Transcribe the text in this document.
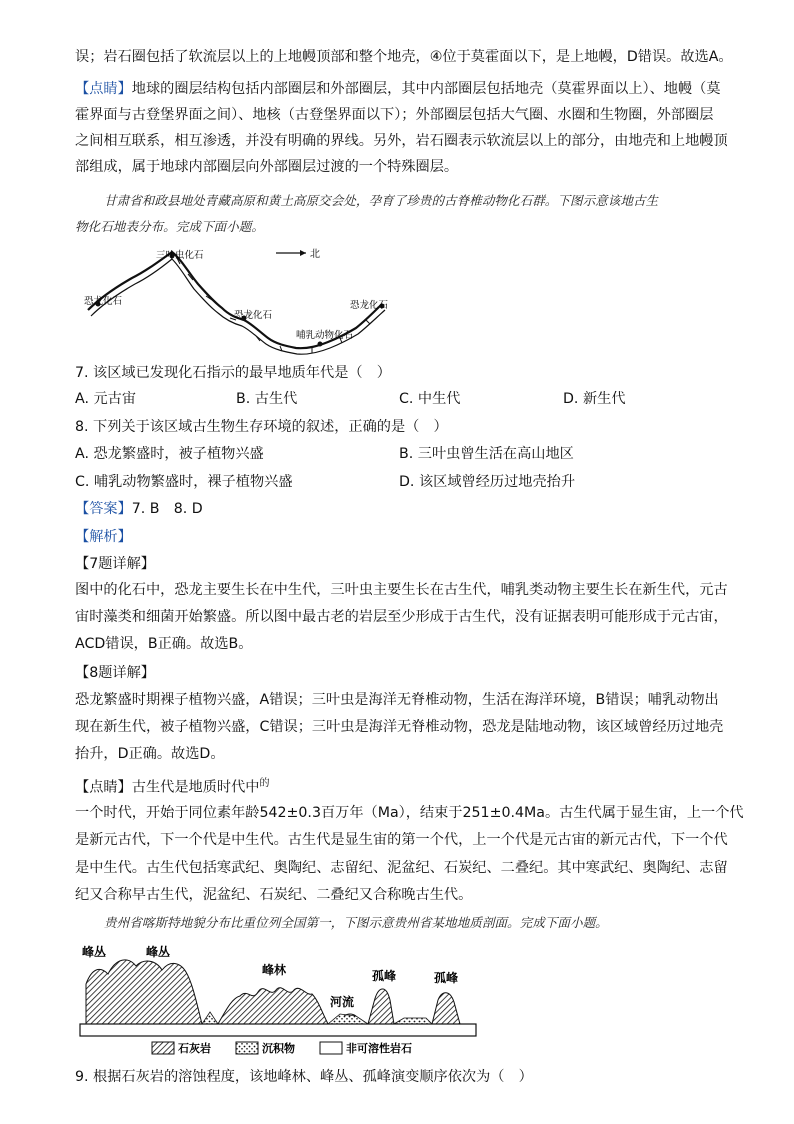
误；岩石圈包括了软流层以上的上地幔顶部和整个地壳，④位于莫霍面以下，是上地幔，D错误。故选A。
【点睛】地球的圈层结构包括内部圈层和外部圈层，其中内部圈层包括地壳（莫霍界面以上）、地幔（莫
霍界面与古登堡界面之间）、地核（古登堡界面以下）；外部圈层包括大气圈、水圈和生物圈，外部圈层
之间相互联系，相互渗透，并没有明确的界线。另外，岩石圈表示软流层以上的部分，由地壳和上地幔顶
部组成，属于地球内部圈层向外部圈层过渡的一个特殊圈层。
甘肃省和政县地处青藏高原和黄土高原交会处，孕育了珍贵的古脊椎动物化石群。下图示意该地古生
物化石地表分布。完成下面小题。
三叶虫化石
恐龙化石
恐龙化石
哺乳动物化石
恐龙化石
北
7. 该区域已发现化石指示的最早地质年代是（　）
A. 元古宙	B. 古生代	C. 中生代	D. 新生代
8. 下列关于该区域古生物生存环境的叙述，正确的是（　）
A. 恐龙繁盛时，被子植物兴盛	B. 三叶虫曾生活在高山地区
C. 哺乳动物繁盛时，裸子植物兴盛	D. 该区域曾经历过地壳抬升
【答案】7. B　8. D
【解析】
【7题详解】
图中的化石中，恐龙主要生长在中生代，三叶虫主要生长在古生代，哺乳类动物主要生长在新生代，元古
宙时藻类和细菌开始繁盛。所以图中最古老的岩层至少形成于古生代，没有证据表明可能形成于元古宙，
ACD错误，B正确。故选B。
【8题详解】
恐龙繁盛时期裸子植物兴盛，A错误；三叶虫是海洋无脊椎动物，生活在海洋环境，B错误；哺乳动物出
现在新生代，被子植物兴盛，C错误；三叶虫是海洋无脊椎动物，恐龙是陆地动物，该区域曾经历过地壳
抬升，D正确。故选D。
【点睛】古生代是地质时代中$^的$
一个时代，开始于同位素年龄542±0.3百万年（Ma），结束于251±0.4Ma。古生代属于显生宙，上一个代
是新元古代，下一个代是中生代。古生代是显生宙的第一个代，上一个代是元古宙的新元古代，下一个代
是中生代。古生代包括寒武纪、奥陶纪、志留纪、泥盆纪、石炭纪、二叠纪。其中寒武纪、奥陶纪、志留
纪又合称早古生代，泥盆纪、石炭纪、二叠纪又合称晚古生代。
贵州省喀斯特地貌分布比重位列全国第一，下图示意贵州省某地地质剖面。完成下面小题。
峰丛	峰丛
峰林	孤峰	孤峰
河流
石灰岩	沉积物	非可溶性岩石
9. 根据石灰岩的溶蚀程度，该地峰林、峰丛、孤峰演变顺序依次为（　）
